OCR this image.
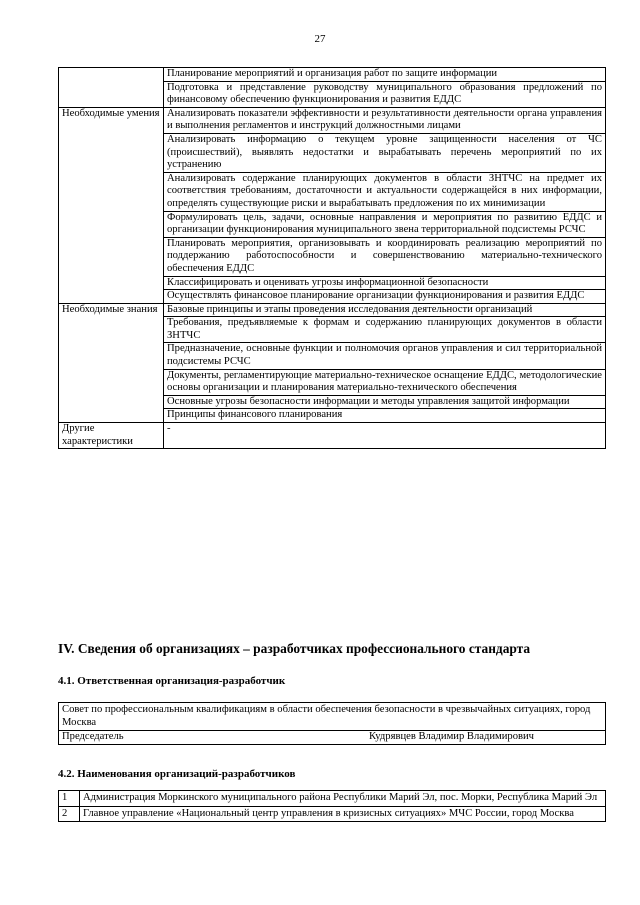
27
	Планирование мероприятий и организация работ по защите информации
	Подготовка и представление руководству муниципального образования предложений по финансовому обеспечению функционирования и развития ЕДДС
Необходимые умения	Анализировать показатели эффективности и результативности деятельности органа управления и выполнения регламентов и инструкций должностными лицами
	Анализировать информацию о текущем уровне защищенности населения от ЧС (происшествий), выявлять недостатки и вырабатывать перечень мероприятий по их устранению
	Анализировать содержание планирующих документов в области ЗНТЧС на предмет их соответствия требованиям, достаточности и актуальности содержащейся в них информации, определять существующие риски и вырабатывать предложения по их минимизации
	Формулировать цель, задачи, основные направления и мероприятия по развитию ЕДДС и организации функционирования муниципального звена территориальной подсистемы РСЧС
	Планировать мероприятия, организовывать и координировать реализацию мероприятий по поддержанию работоспособности и совершенствованию материально-технического обеспечения ЕДДС
	Классифицировать и оценивать угрозы информационной безопасности
	Осуществлять финансовое планирование организации функционирования и развития ЕДДС
Необходимые знания	Базовые принципы и этапы проведения исследования деятельности организаций
	Требования, предъявляемые к формам и содержанию планирующих документов в области ЗНТЧС
	Предназначение, основные функции и полномочия органов управления и сил территориальной подсистемы РСЧС
	Документы, регламентирующие материально-техническое оснащение ЕДДС, методологические основы организации и планирования материально-технического обеспечения
	Основные угрозы безопасности информации и методы управления защитой информации
	Принципы финансового планирования
Другие характеристики	-
IV. Сведения об организациях – разработчиках профессионального стандарта
4.1. Ответственная организация-разработчик
Совет по профессиональным квалификациям в области обеспечения безопасности в чрезвычайных ситуациях, город Москва

Председатель	Кудрявцев Владимир Владимирович
4.2. Наименования организаций-разработчиков
1	Администрация Моркинского муниципального района Республики Марий Эл, пос. Морки, Республика Марий Эл
2	Главное управление «Национальный центр управления в кризисных ситуациях» МЧС России, город Москва
